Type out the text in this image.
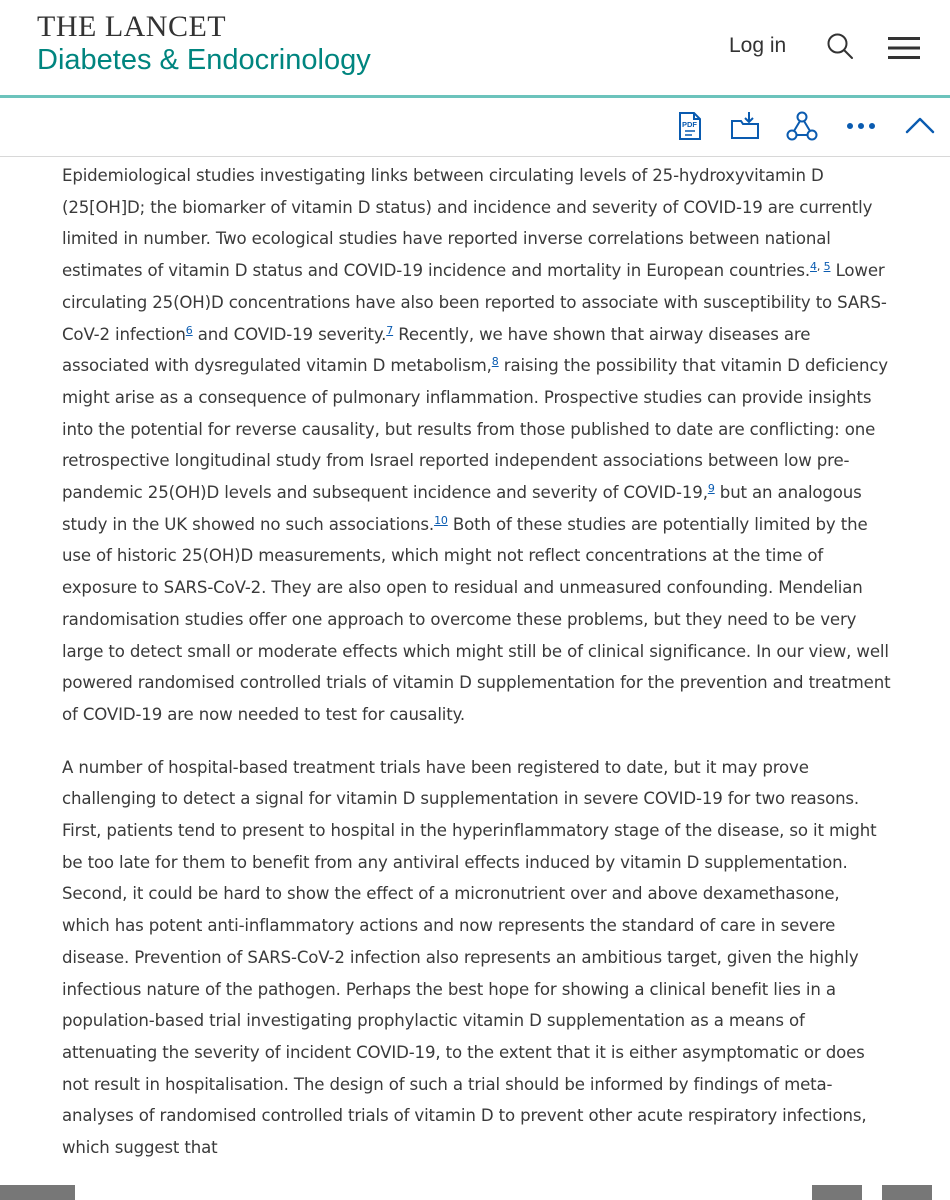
THE LANCET
Diabetes & Endocrinology	Log in
PDF

Epidemiological studies investigating links between circulating levels of 25-hydroxyvitamin D (25[OH]D; the biomarker of vitamin D status) and incidence and severity of COVID-19 are currently limited in number. Two ecological studies have reported inverse correlations between national estimates of vitamin D status and COVID-19 incidence and mortality in European countries.$^{4,}$ $^5$ Lower circulating 25(OH)D concentrations have also been reported to associate with susceptibility to SARS-CoV-2 infection$^6$ and COVID-19 severity.$^7$ Recently, we have shown that airway diseases are associated with dysregulated vitamin D metabolism,$^8$ raising the possibility that vitamin D deficiency might arise as a consequence of pulmonary inflammation. Prospective studies can provide insights into the potential for reverse causality, but results from those published to date are conflicting: one retrospective longitudinal study from Israel reported independent associations between low pre-pandemic 25(OH)D levels and subsequent incidence and severity of COVID-19,$^9$ but an analogous study in the UK showed no such associations.$^{10}$ Both of these studies are potentially limited by the use of historic 25(OH)D measurements, which might not reflect concentrations at the time of exposure to SARS-CoV-2. They are also open to residual and unmeasured confounding. Mendelian randomisation studies offer one approach to overcome these problems, but they need to be very large to detect small or moderate effects which might still be of clinical significance. In our view, well powered randomised controlled trials of vitamin D supplementation for the prevention and treatment of COVID-19 are now needed to test for causality.

A number of hospital-based treatment trials have been registered to date, but it may prove challenging to detect a signal for vitamin D supplementation in severe COVID-19 for two reasons. First, patients tend to present to hospital in the hyperinflammatory stage of the disease, so it might be too late for them to benefit from any antiviral effects induced by vitamin D supplementation. Second, it could be hard to show the effect of a micronutrient over and above dexamethasone, which has potent anti-inflammatory actions and now represents the standard of care in severe disease. Prevention of SARS-CoV-2 infection also represents an ambitious target, given the highly infectious nature of the pathogen. Perhaps the best hope for showing a clinical benefit lies in a population-based trial investigating prophylactic vitamin D supplementation as a means of attenuating the severity of incident COVID-19, to the extent that it is either asymptomatic or does not result in hospitalisation. The design of such a trial should be informed by findings of meta-analyses of randomised controlled trials of vitamin D to prevent other acute respiratory infections, which suggest that
